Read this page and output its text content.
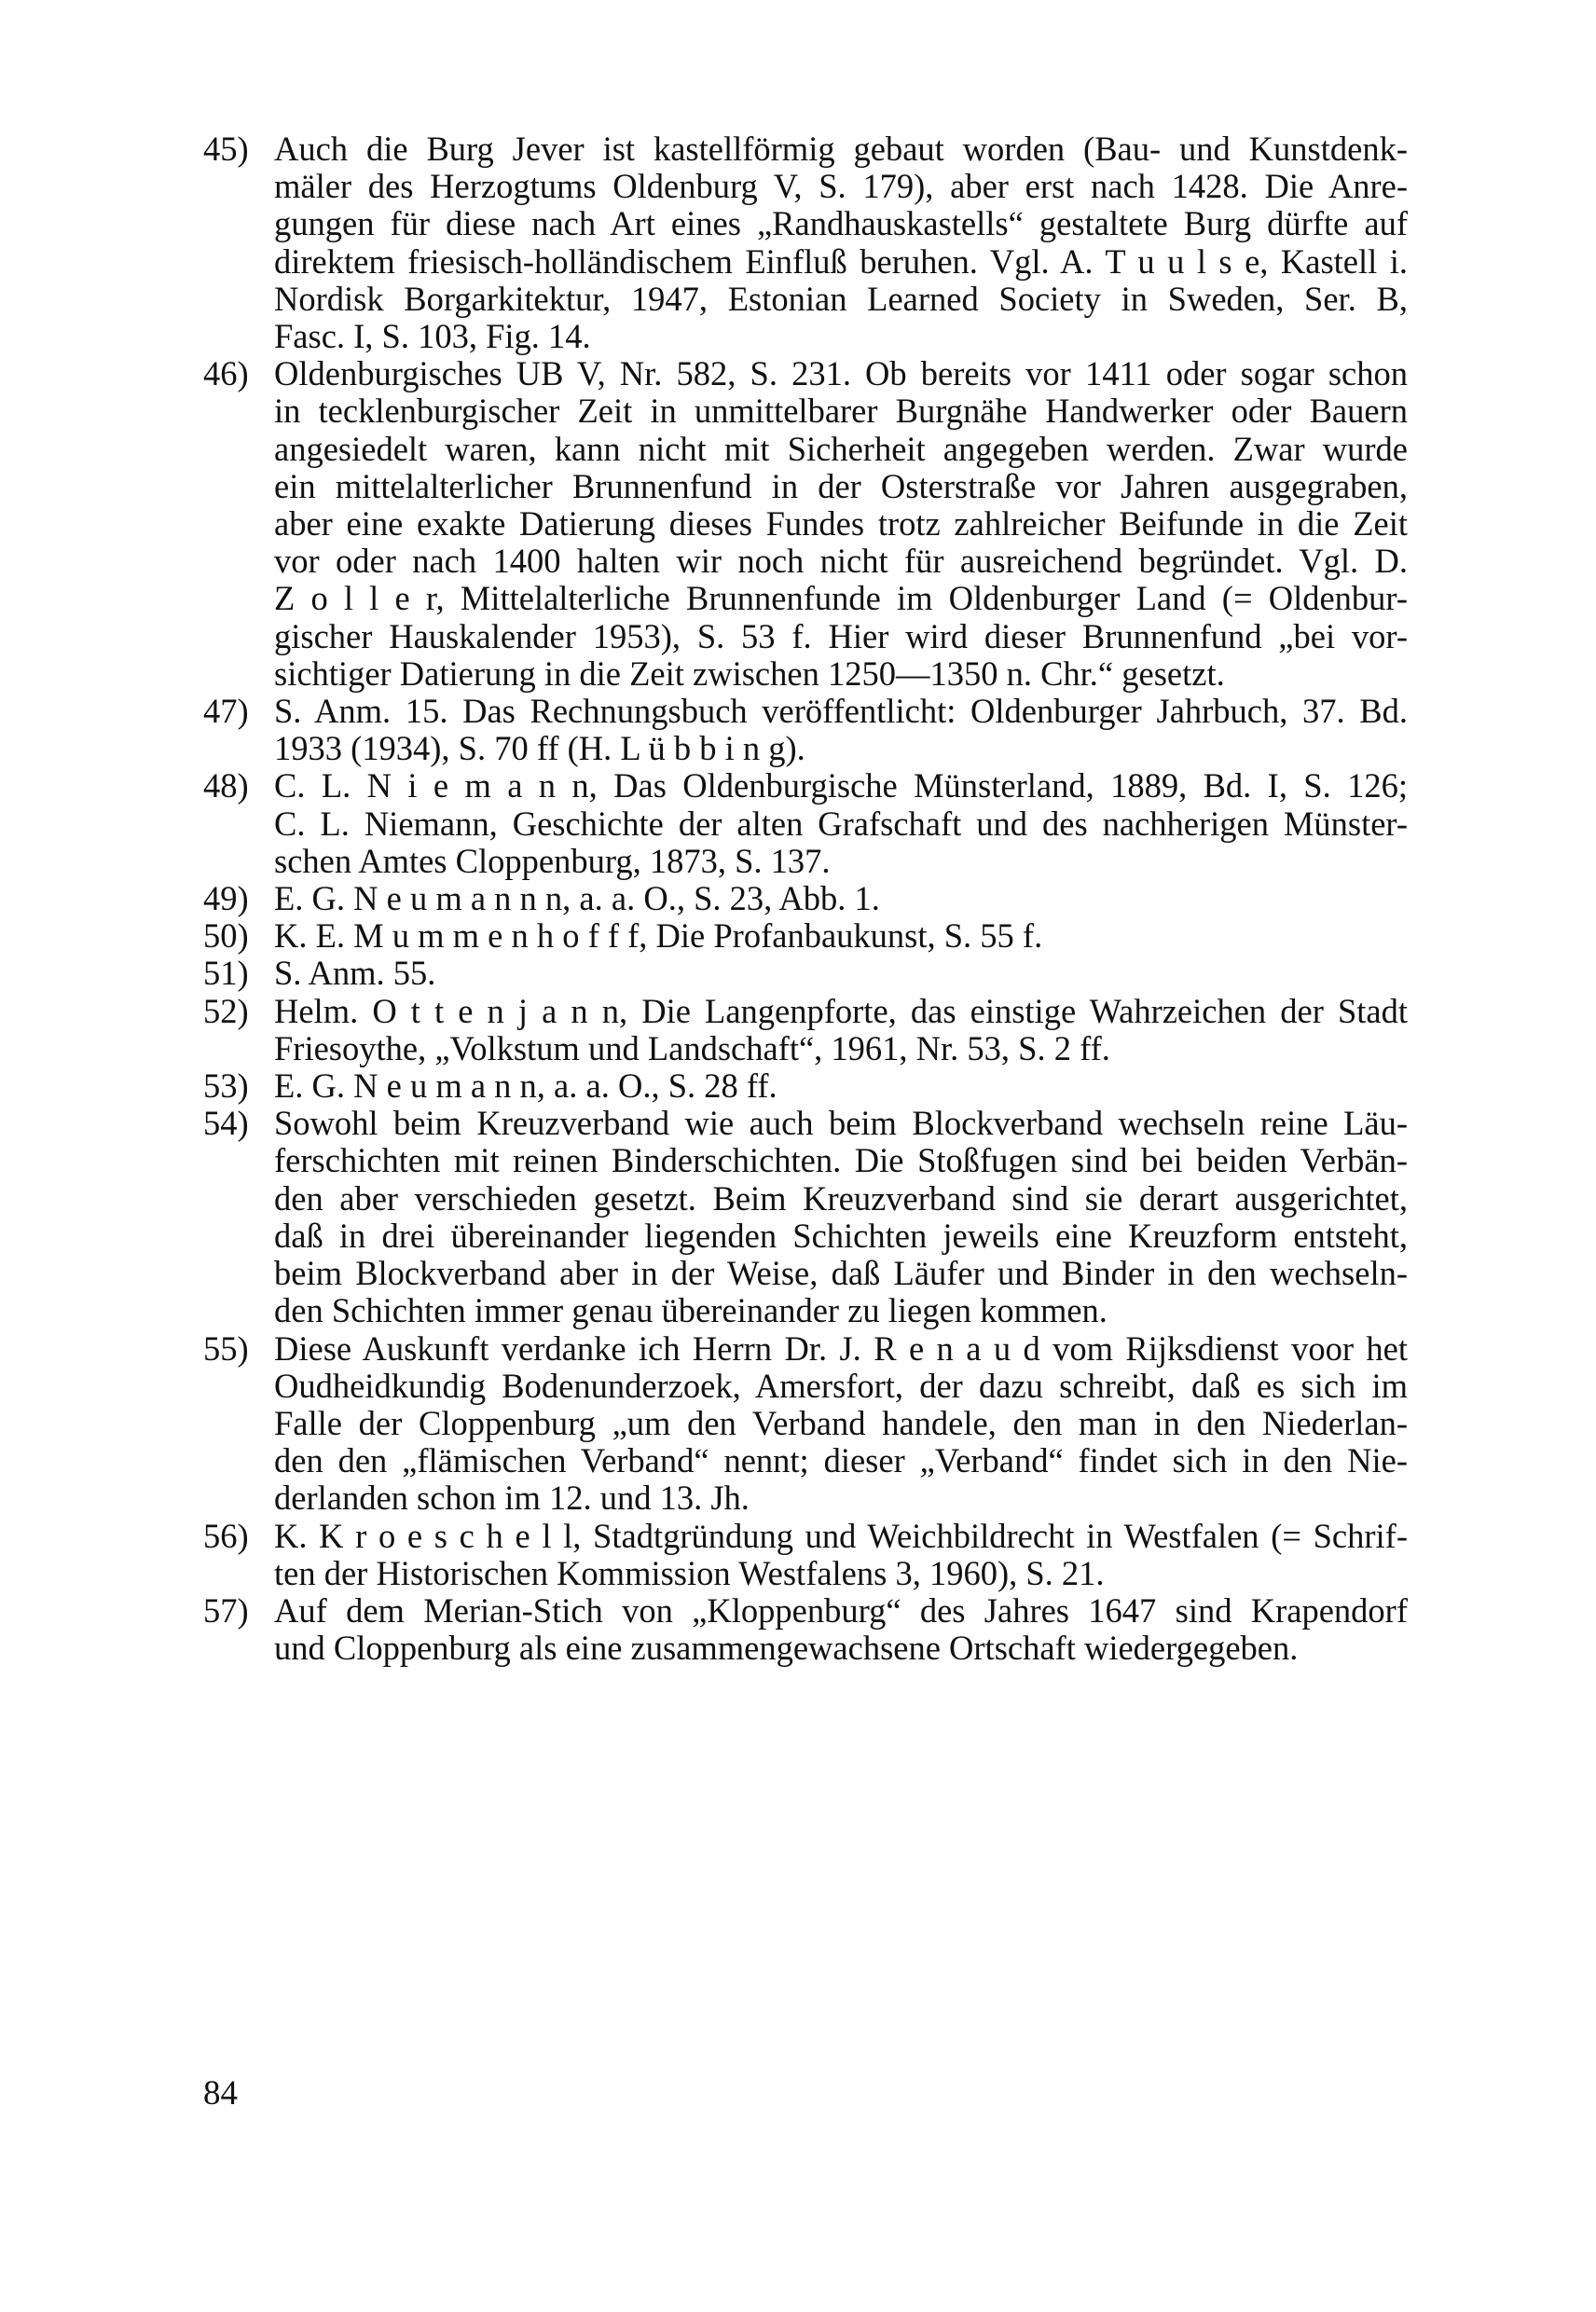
45) Auch die Burg Jever ist kastellförmig gebaut worden (Bau- und Kunstdenk-
mäler des Herzogtums Oldenburg V, S. 179), aber erst nach 1428. Die Anre-
gungen für diese nach Art eines „Randhauskastells“ gestaltete Burg dürfte auf
direktem friesisch-holländischem Einfluß beruhen. Vgl. A. T u u l s e, Kastell i.
Nordisk Borgarkitektur, 1947, Estonian Learned Society in Sweden, Ser. B,
Fasc. I, S. 103, Fig. 14.
46) Oldenburgisches UB V, Nr. 582, S. 231. Ob bereits vor 1411 oder sogar schon
in tecklenburgischer Zeit in unmittelbarer Burgnähe Handwerker oder Bauern
angesiedelt waren, kann nicht mit Sicherheit angegeben werden. Zwar wurde
ein mittelalterlicher Brunnenfund in der Osterstraße vor Jahren ausgegraben,
aber eine exakte Datierung dieses Fundes trotz zahlreicher Beifunde in die Zeit
vor oder nach 1400 halten wir noch nicht für ausreichend begründet. Vgl. D.
Z o l l e r, Mittelalterliche Brunnenfunde im Oldenburger Land (= Oldenbur-
gischer Hauskalender 1953), S. 53 f. Hier wird dieser Brunnenfund „bei vor-
sichtiger Datierung in die Zeit zwischen 1250—1350 n. Chr.“ gesetzt.
47) S. Anm. 15. Das Rechnungsbuch veröffentlicht: Oldenburger Jahrbuch, 37. Bd.
1933 (1934), S. 70 ff (H. L ü b b i n g).
48) C. L. N i e m a n n, Das Oldenburgische Münsterland, 1889, Bd. I, S. 126;
C. L. Niemann, Geschichte der alten Grafschaft und des nachherigen Münster-
schen Amtes Cloppenburg, 1873, S. 137.
49) E. G. N e u m a n n n, a. a. O., S. 23, Abb. 1.
50) K. E. M u m m e n h o f f f, Die Profanbaukunst, S. 55 f.
51) S. Anm. 55.
52) Helm. O t t e n j a n n, Die Langenpforte, das einstige Wahrzeichen der Stadt
Friesoythe, „Volkstum und Landschaft“, 1961, Nr. 53, S. 2 ff.
53) E. G. N e u m a n n, a. a. O., S. 28 ff.
54) Sowohl beim Kreuzverband wie auch beim Blockverband wechseln reine Läu-
ferschichten mit reinen Binderschichten. Die Stoßfugen sind bei beiden Verbän-
den aber verschieden gesetzt. Beim Kreuzverband sind sie derart ausgerichtet,
daß in drei übereinander liegenden Schichten jeweils eine Kreuzform entsteht,
beim Blockverband aber in der Weise, daß Läufer und Binder in den wechseln-
den Schichten immer genau übereinander zu liegen kommen.
55) Diese Auskunft verdanke ich Herrn Dr. J. R e n a u d vom Rijksdienst voor het
Oudheidkundig Bodenunderzoek, Amersfort, der dazu schreibt, daß es sich im
Falle der Cloppenburg „um den Verband handele, den man in den Niederlan-
den den „flämischen Verband“ nennt; dieser „Verband“ findet sich in den Nie-
derlanden schon im 12. und 13. Jh.
56) K. K r o e s c h e l l, Stadtgründung und Weichbildrecht in Westfalen (= Schrif-
ten der Historischen Kommission Westfalens 3, 1960), S. 21.
57) Auf dem Merian-Stich von „Kloppenburg“ des Jahres 1647 sind Krapendorf
und Cloppenburg als eine zusammengewachsene Ortschaft wiedergegeben.
84
